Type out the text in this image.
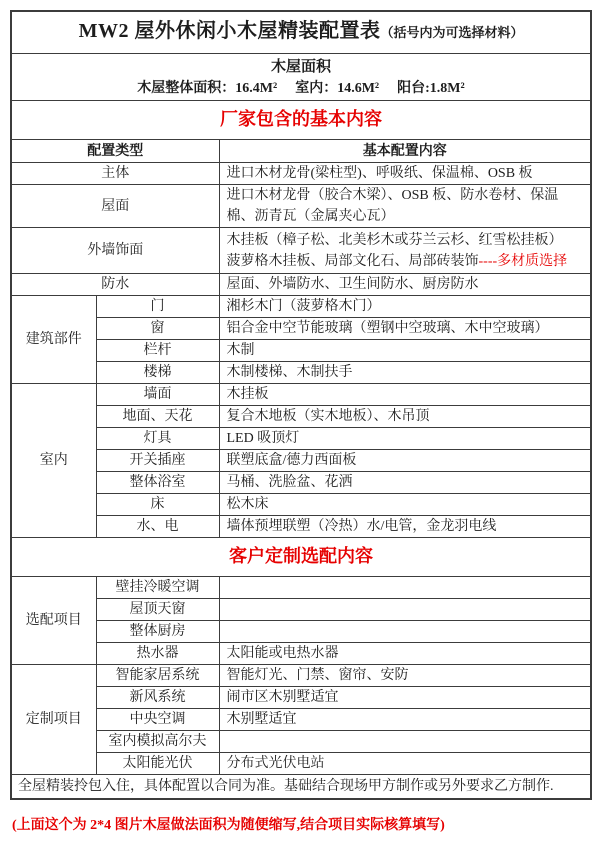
MW2 屋外休闲小木屋精装配置表（括号内为可选择材料）		

木屋面积
木屋整体面积：16.4M² 室内：14.6M² 阳台:1.8M²		

厂家包含的基本内容		
配置类型		基本配置内容
主体		进口木材龙骨(梁柱型)、呼吸纸、保温棉、OSB 板
屋面		进口木材龙骨（胶合木梁）、OSB 板、防水卷材、保温棉、沥青瓦（金属夹心瓦）
外墙饰面		木挂板（樟子松、北美杉木或芬兰云杉、红雪松挂板）
菠萝格木挂板、局部文化石、局部砖装饰----多材质选择

防水		屋面、外墙防水、卫生间防水、厨房防水
建筑部件	门	湘杉木门（菠萝格木门）
	窗	铝合金中空节能玻璃（塑钢中空玻璃、木中空玻璃）
	栏杆	木制
	楼梯	木制楼梯、木制扶手
室内	墙面	木挂板
	地面、天花	复合木地板（实木地板）、木吊顶
	灯具	LED 吸顶灯
	开关插座	联塑底盒/德力西面板
	整体浴室	马桶、洗脸盆、花洒
	床	松木床
	水、电	墙体预埋联塑（冷热）水/电管，金龙羽电线
客户定制选配内容		
选配项目	壁挂冷暖空调	
	屋顶天窗	
	整体厨房	
	热水器	太阳能或电热水器
定制项目	智能家居系统	智能灯光、门禁、窗帘、安防
	新风系统	闹市区木别墅适宜
	中央空调	木别墅适宜
	室内模拟高尔夫	
	太阳能光伏	分布式光伏电站
全屋精装拎包入住，具体配置以合同为准。基础结合现场甲方制作或另外要求乙方制作.		
(上面这个为 2*4 图片木屋做法面积为随便缩写,结合项目实际核算填写)
